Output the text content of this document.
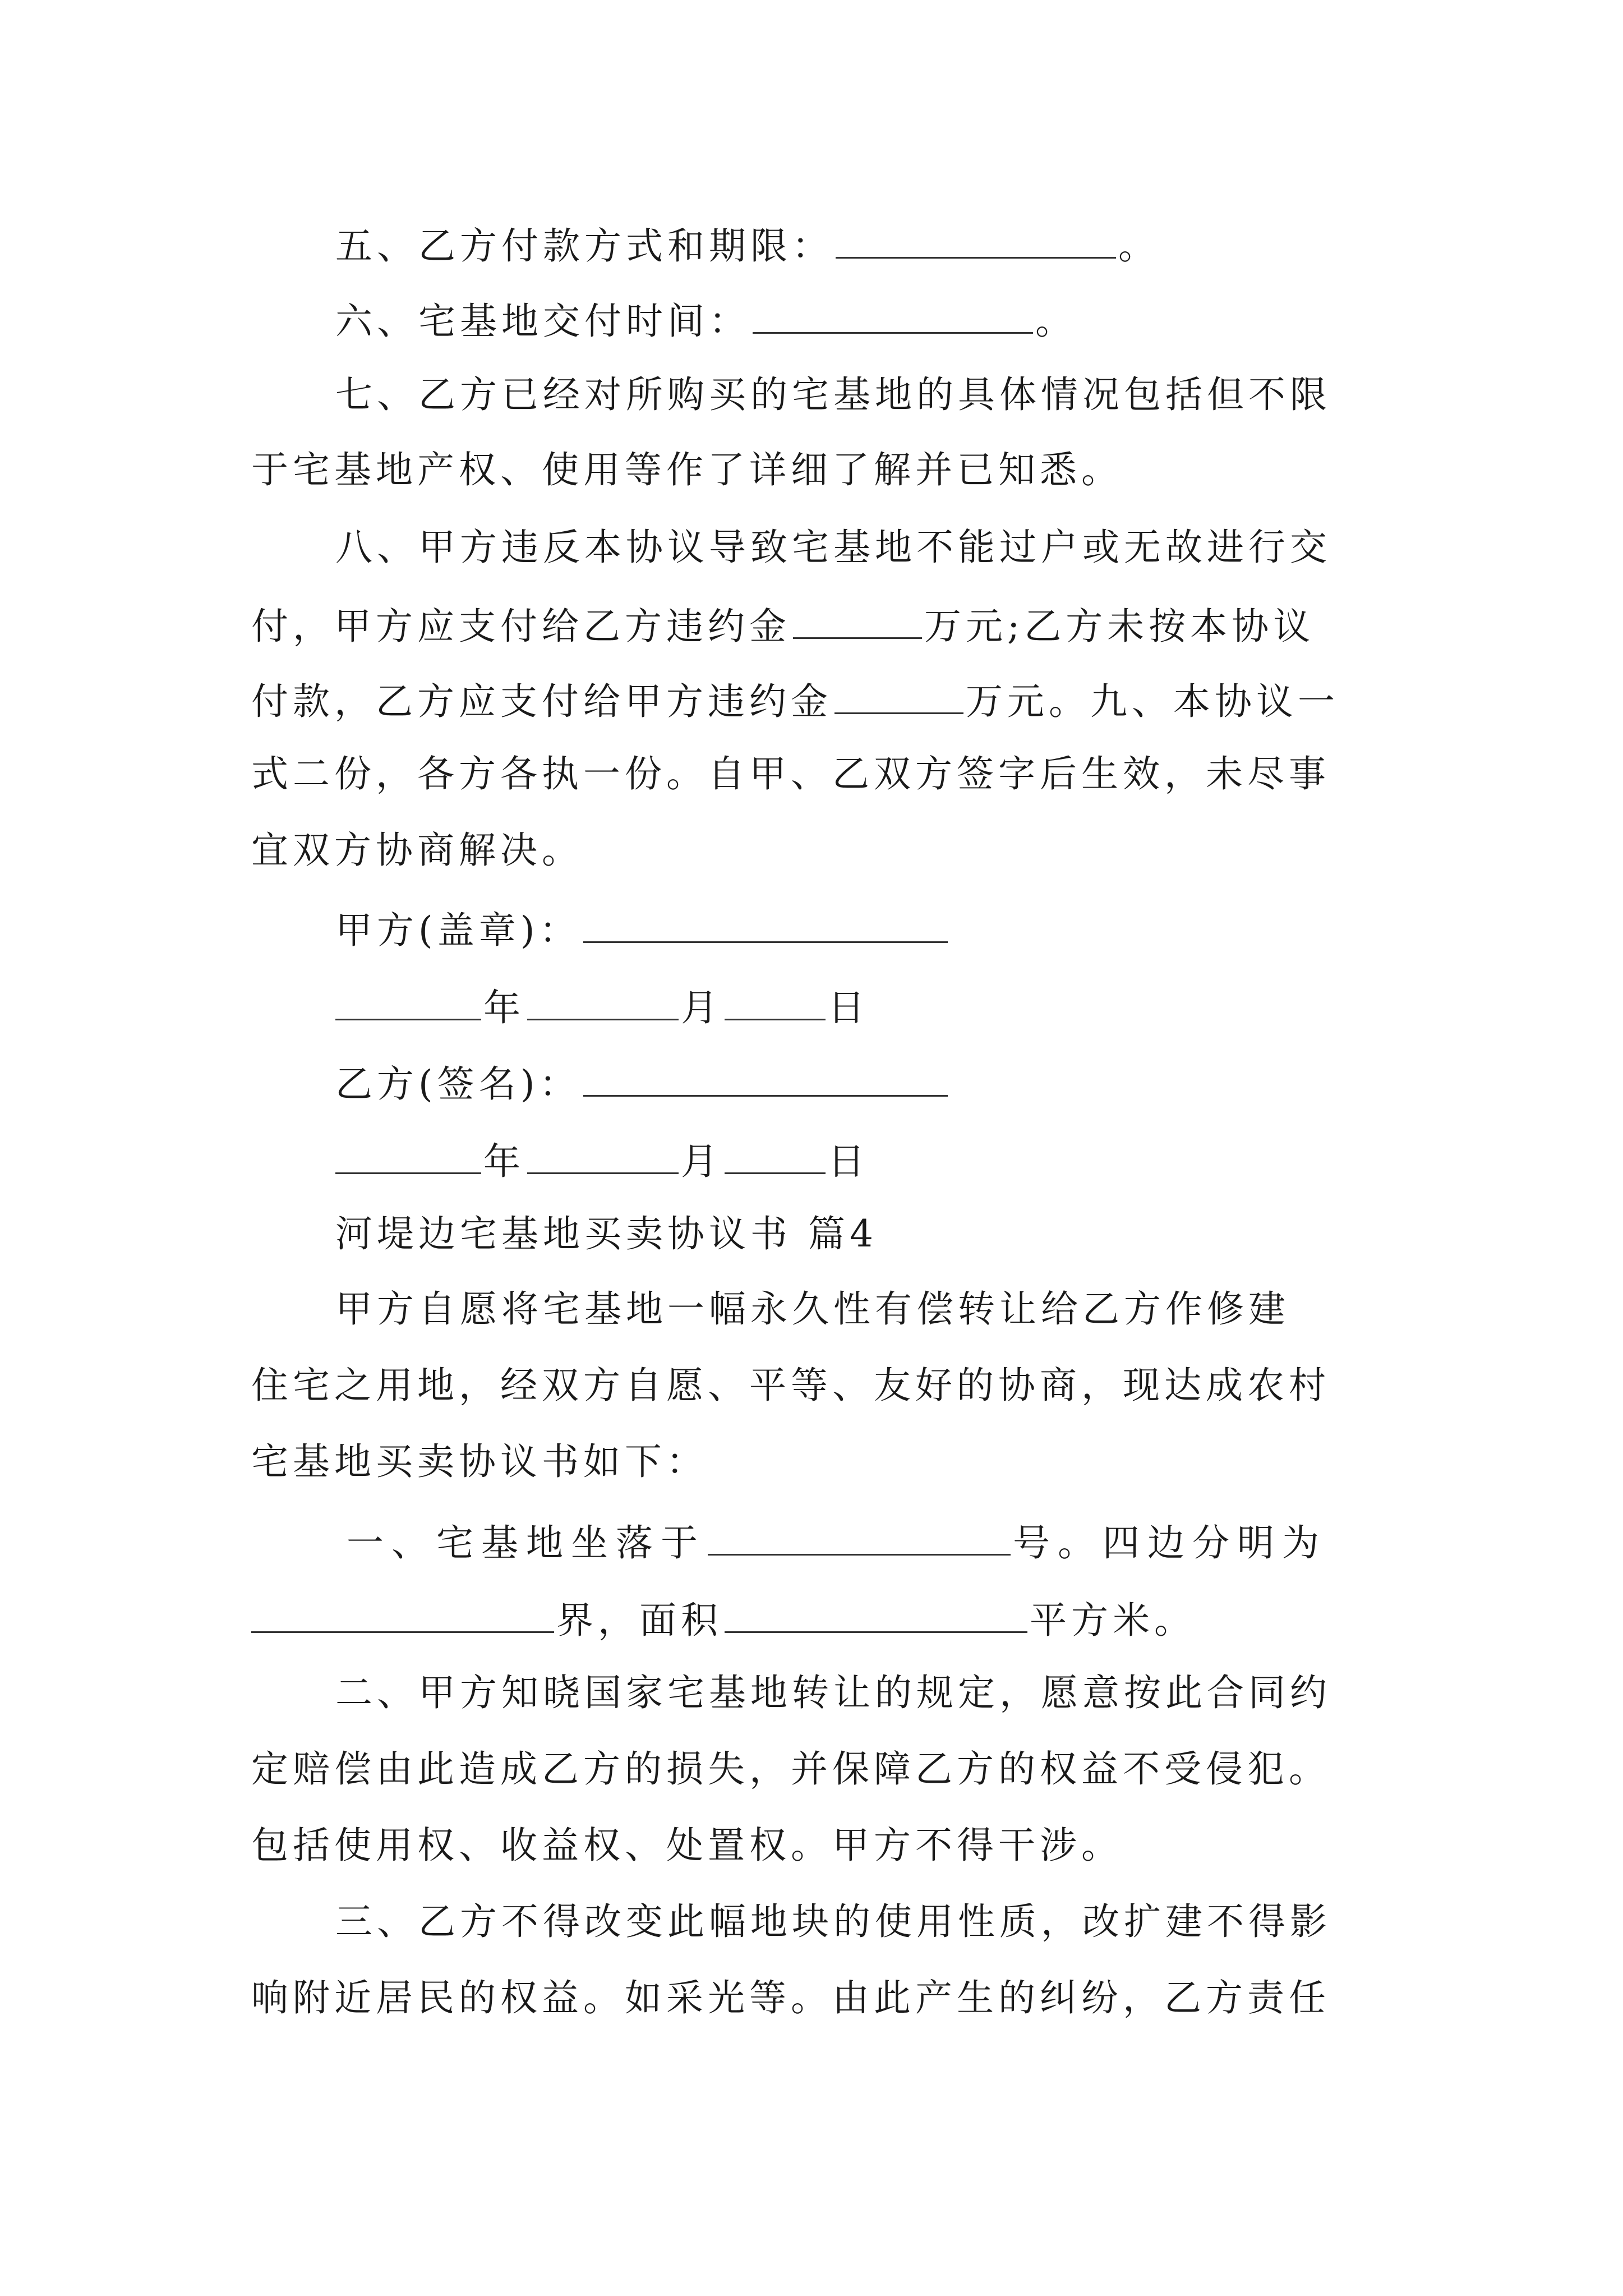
五、乙方付款方式和期限：	。
六、宅基地交付时间：	。
七、乙方已经对所购买的宅基地的具体情况包括但不限
于宅基地产权、使用等作了详细了解并已知悉。
八、甲方违反本协议导致宅基地不能过户或无故进行交
付，甲方应支付给乙方违约金	万元;乙方未按本协议
付款，乙方应支付给甲方违约金	万元。九、本协议一
式二份，各方各执一份。自甲、乙双方签字后生效，未尽事
宜双方协商解决。
甲方(盖章)：
年	月	日
乙方(签名)：
年	月	日
河堤边宅基地买卖协议书 篇4
甲方自愿将宅基地一幅永久性有偿转让给乙方作修建
住宅之用地，经双方自愿、平等、友好的协商，现达成农村
宅基地买卖协议书如下：
一、宅基地坐落于	号。四边分明为
界，面积	平方米。
二、甲方知晓国家宅基地转让的规定，愿意按此合同约
定赔偿由此造成乙方的损失，并保障乙方的权益不受侵犯。
包括使用权、收益权、处置权。甲方不得干涉。
三、乙方不得改变此幅地块的使用性质，改扩建不得影
响附近居民的权益。如采光等。由此产生的纠纷，乙方责任
